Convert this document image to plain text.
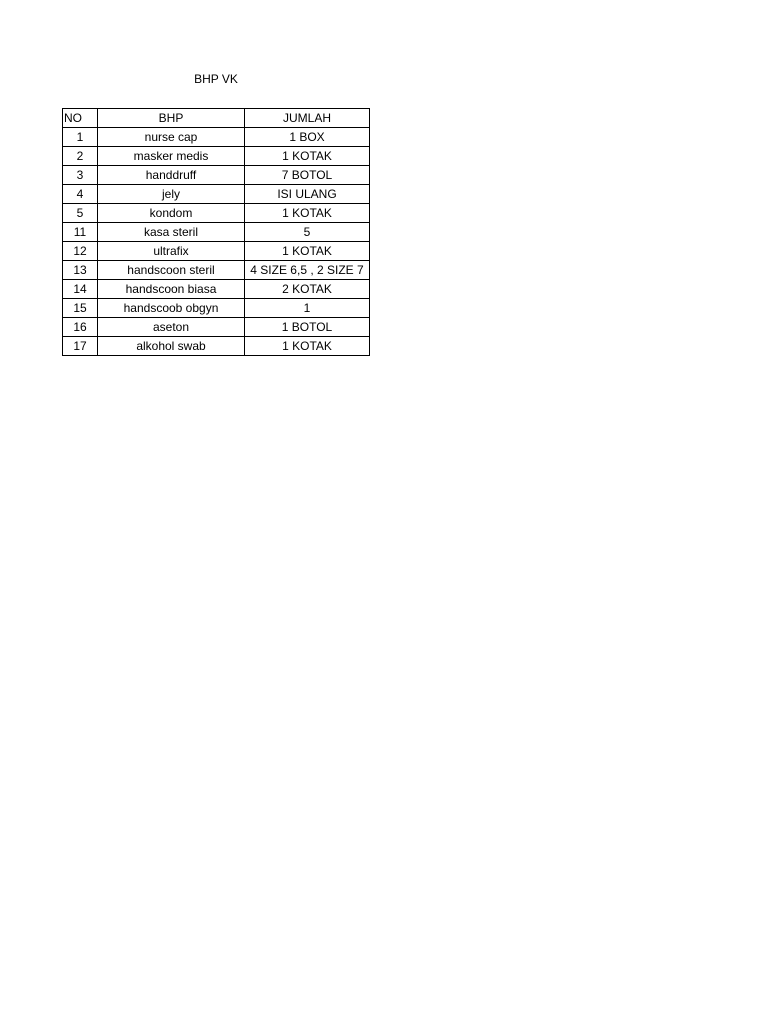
BHP VK
NO	BHP	JUMLAH
1	nurse cap	1 BOX
2	masker medis	1 KOTAK
3	handdruff	7 BOTOL
4	jely	ISI ULANG
5	kondom	1 KOTAK
11	kasa steril	5
12	ultrafix	1 KOTAK
13	handscoon steril	4 SIZE 6,5 , 2 SIZE 7
14	handscoon biasa	2 KOTAK
15	handscoob obgyn	1
16	aseton	1 BOTOL
17	alkohol swab	1 KOTAK
